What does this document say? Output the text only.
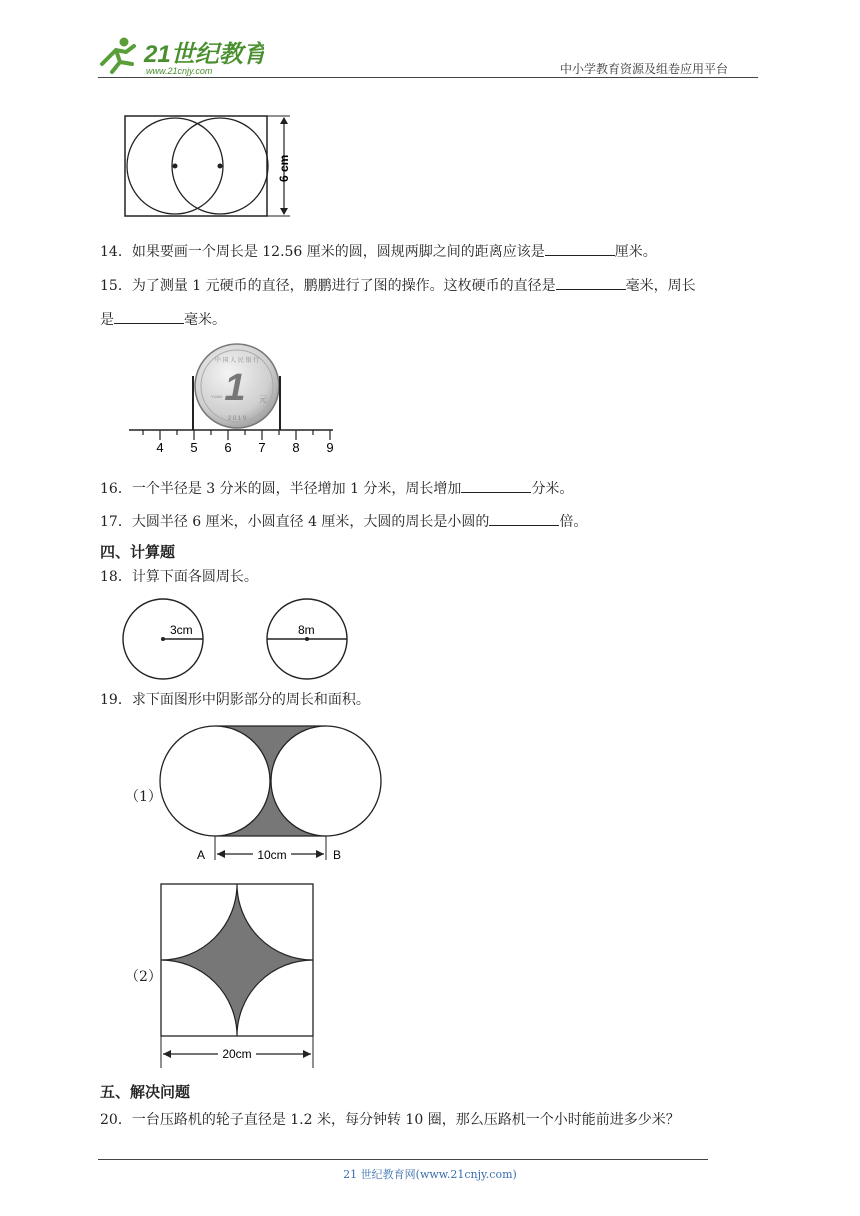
21世纪教育
www.21cnjy.com	中小学教育资源及组卷应用平台
6 cm
14．如果要画一个周长是 12.56 厘米的圆，圆规两脚之间的距离应该是	厘米。
15．为了测量 1 元硬币的直径，鹏鹏进行了图的操作。这枚硬币的直径是	毫米，周长
是	毫米。
中 国 人 民 银 行
1 元
YUAN
2 0 1 9
4 5 6 7 8 9
16．一个半径是 3 分米的圆，半径增加 1 分米，周长增加	分米。
17．大圆半径 6 厘米，小圆直径 4 厘米，大圆的周长是小圆的	倍。
四、计算题
18．计算下面各圆周长。
3cm	8m
19．求下面图形中阴影部分的周长和面积。
（1）
10cm
A	B
（2）
20cm
五、解决问题
20．一台压路机的轮子直径是 1.2 米，每分钟转 10 圈，那么压路机一个小时能前进多少米？
21 世纪教育网(www.21cnjy.com)
